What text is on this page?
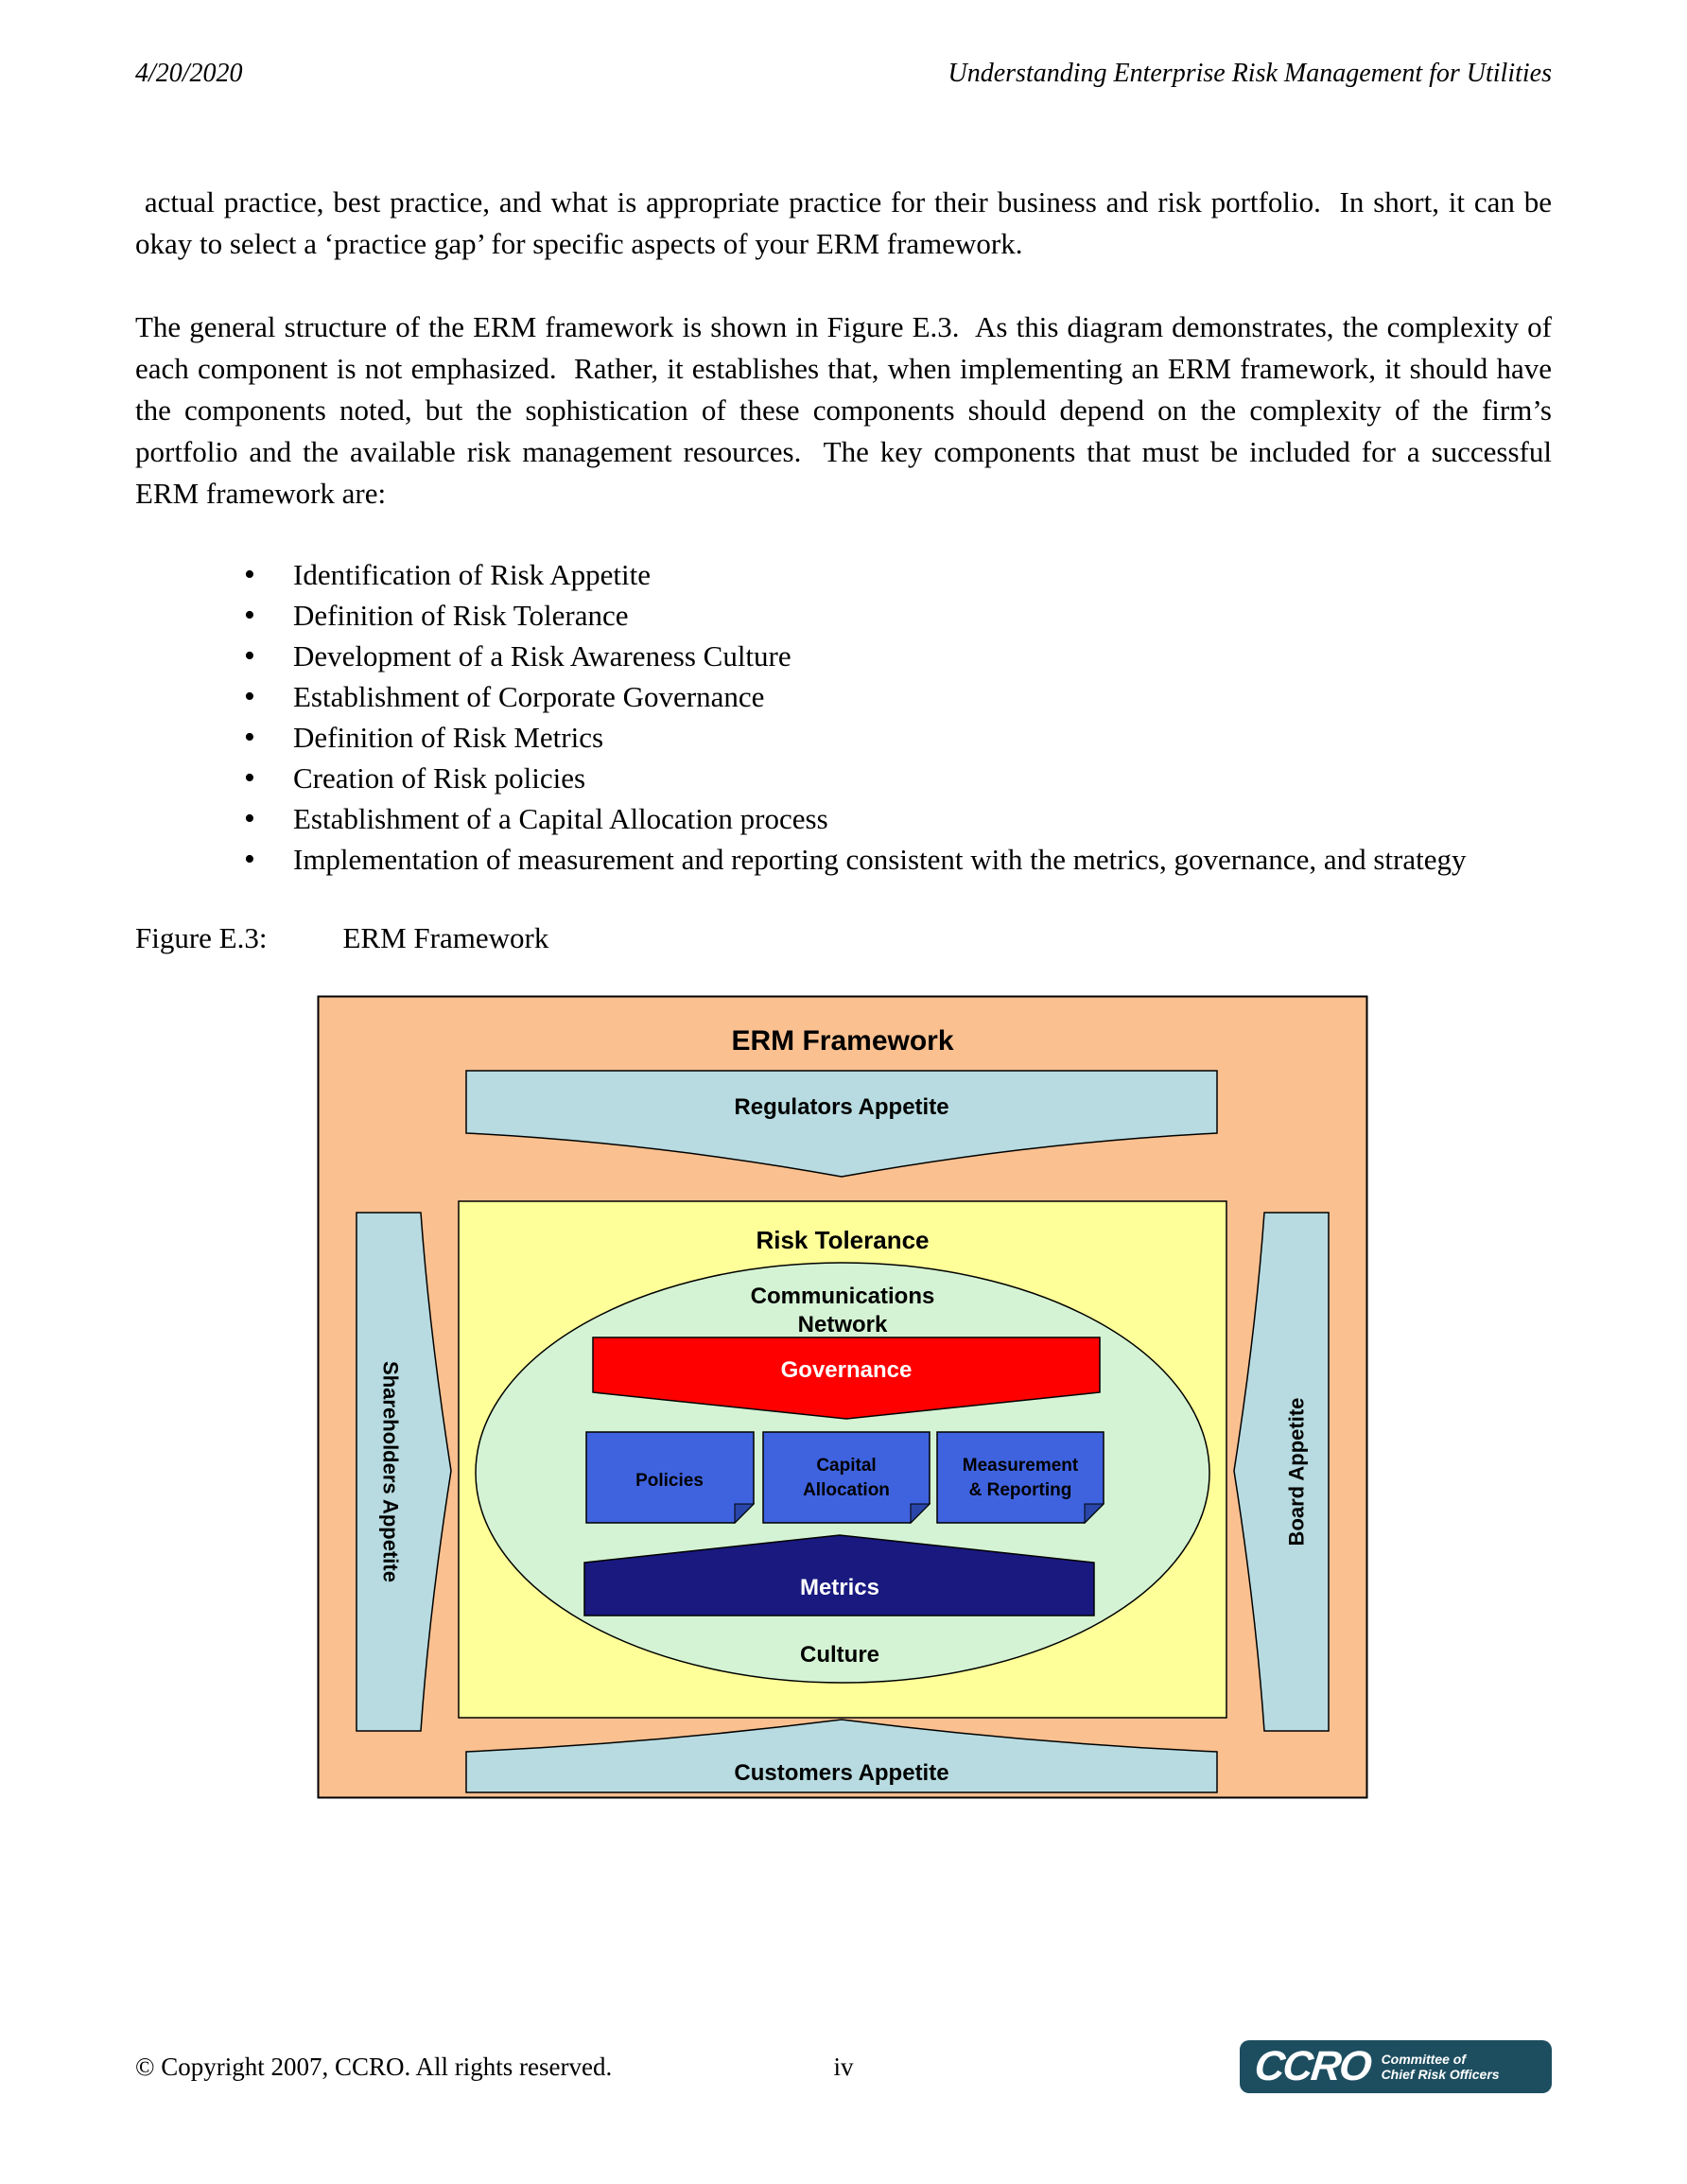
4/20/2020	Understanding Enterprise Risk Management for Utilities

actual practice, best practice, and what is appropriate practice for their business and risk portfolio.  In short, it can be okay to select a ‘practice gap’ for specific aspects of your ERM framework.

The general structure of the ERM framework is shown in Figure E.3.  As this diagram demonstrates, the complexity of each component is not emphasized.  Rather, it establishes that, when implementing an ERM framework, it should have the components noted, but the sophistication of these components should depend on the complexity of the firm’s portfolio and the available risk management resources.  The key components that must be included for a successful ERM framework are:

• Identification of Risk Appetite
• Definition of Risk Tolerance
• Development of a Risk Awareness Culture
• Establishment of Corporate Governance
• Definition of Risk Metrics
• Creation of Risk policies
• Establishment of a Capital Allocation process
• Implementation of measurement and reporting consistent with the metrics, governance, and strategy
Figure E.3:	ERM Framework
ERM Framework
Regulators Appetite
Risk Tolerance
Communications
Network
Governance
Policies
Capital
Allocation
Measurement
& Reporting
Metrics
Culture
Shareholders Appetite	Board Appetite
Customers Appetite
© Copyright 2007, CCRO. All rights reserved.	iv	CCRO Committee of
Chief Risk Officers
